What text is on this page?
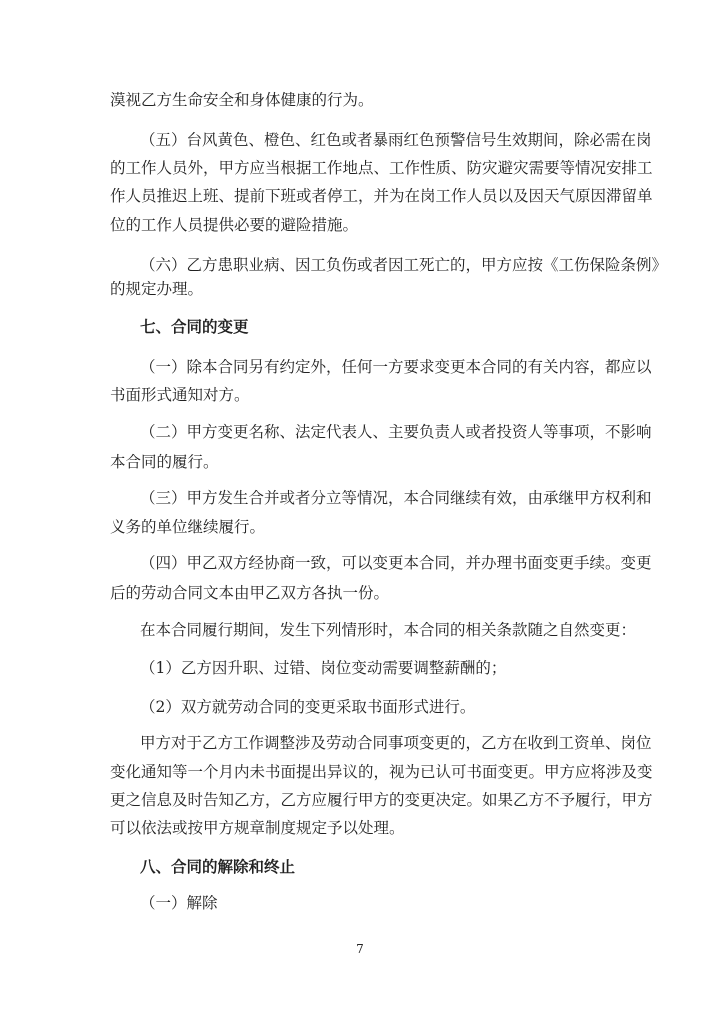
漠视乙方生命安全和身体健康的行为。
（五）台风黄色、橙色、红色或者暴雨红色预警信号生效期间，除必需在岗
的工作人员外，甲方应当根据工作地点、工作性质、防灾避灾需要等情况安排工
作人员推迟上班、提前下班或者停工，并为在岗工作人员以及因天气原因滞留单
位的工作人员提供必要的避险措施。
（六）乙方患职业病、因工负伤或者因工死亡的，甲方应按《工伤保险条例》
的规定办理。
七、合同的变更
（一）除本合同另有约定外，任何一方要求变更本合同的有关内容，都应以
书面形式通知对方。
（二）甲方变更名称、法定代表人、主要负责人或者投资人等事项，不影响
本合同的履行。
（三）甲方发生合并或者分立等情况，本合同继续有效，由承继甲方权利和
义务的单位继续履行。
（四）甲乙双方经协商一致，可以变更本合同，并办理书面变更手续。变更
后的劳动合同文本由甲乙双方各执一份。
在本合同履行期间，发生下列情形时，本合同的相关条款随之自然变更：
（1）乙方因升职、过错、岗位变动需要调整薪酬的；
（2）双方就劳动合同的变更采取书面形式进行。
甲方对于乙方工作调整涉及劳动合同事项变更的，乙方在收到工资单、岗位
变化通知等一个月内未书面提出异议的，视为已认可书面变更。甲方应将涉及变
更之信息及时告知乙方，乙方应履行甲方的变更决定。如果乙方不予履行，甲方
可以依法或按甲方规章制度规定予以处理。
八、合同的解除和终止
（一）解除
7
